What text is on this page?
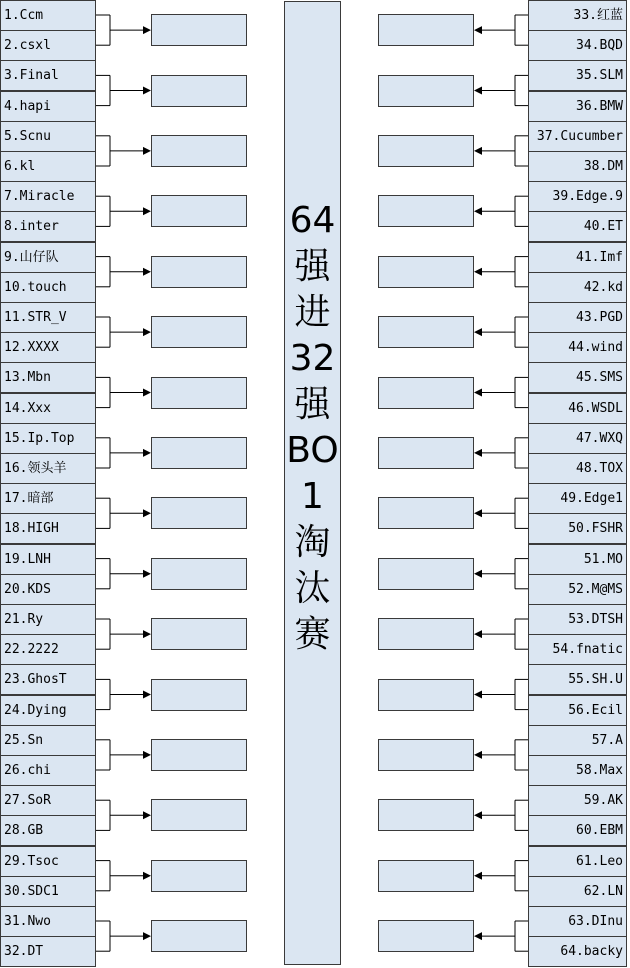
1.Ccm
2.csxl
3.Final
4.hapi
5.Scnu
6.kl
7.Miracle
8.inter
9.山仔队
10.touch
11.STR_V
12.XXXX
13.Mbn
14.Xxx
15.Ip.Top
16.领头羊
17.暗部
18.HIGH
19.LNH
20.KDS
21.Ry
22.2222
23.GhosT
24.Dying
25.Sn
26.chi
27.SoR
28.GB
29.Tsoc
30.SDC1
31.Nwo
32.DT
33.红蓝
34.BQD
35.SLM
36.BMW
37.Cucumber
38.DM
39.Edge.9
40.ET
41.Imf
42.kd
43.PGD
44.wind
45.SMS
46.WSDL
47.WXQ
48.TOX
49.Edge1
50.FSHR
51.MO
52.M@MS
53.DTSH
54.fnatic
55.SH.U
56.Ecil
57.A
58.Max
59.AK
60.EBM
61.Leo
62.LN
63.DInu
64.backy
64
强
进
32
强
BO
1
淘
汰
赛
